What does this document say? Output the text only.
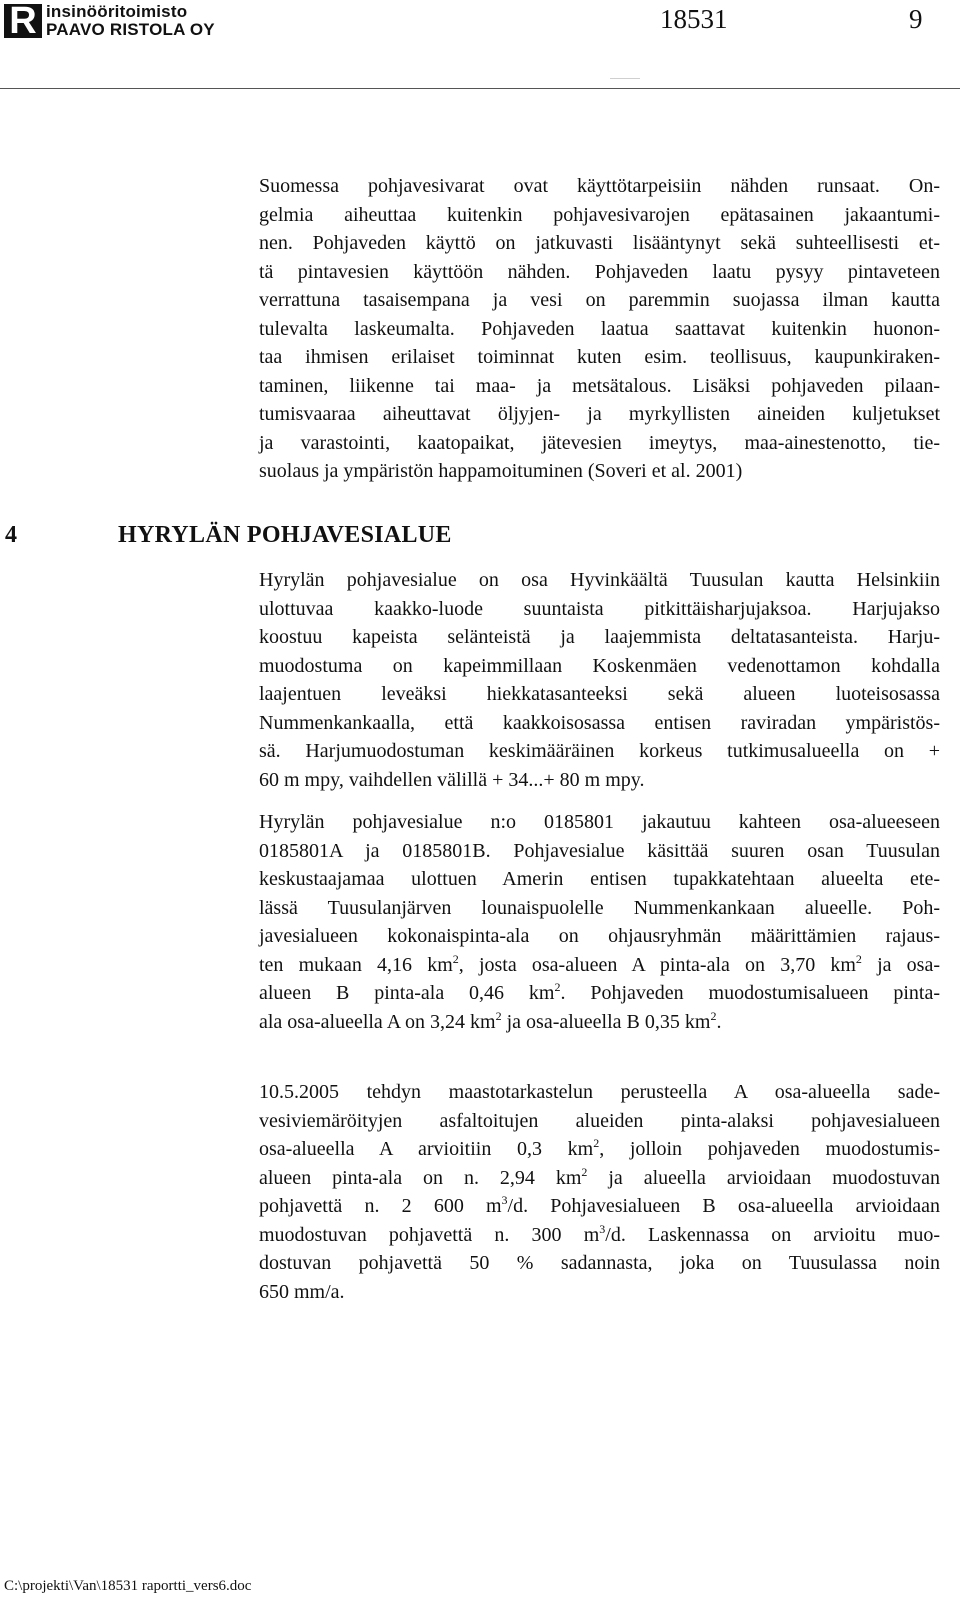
R insinööritoimisto
PAAVO RISTOLA OY	18531	9
Suomessa pohjavesivarat ovat käyttötarpeisiin nähden runsaat. On-
gelmia aiheuttaa kuitenkin pohjavesivarojen epätasainen jakaantumi-
nen. Pohjaveden käyttö on jatkuvasti lisääntynyt sekä suhteellisesti et-
tä pintavesien käyttöön nähden. Pohjaveden laatu pysyy pintaveteen
verrattuna tasaisempana ja vesi on paremmin suojassa ilman kautta
tulevalta laskeumalta. Pohjaveden laatua saattavat kuitenkin huonon-
taa ihmisen erilaiset toiminnat kuten esim. teollisuus, kaupunkiraken-
taminen, liikenne tai maa- ja metsätalous. Lisäksi pohjaveden pilaan-
tumisvaaraa aiheuttavat öljyjen- ja myrkyllisten aineiden kuljetukset
ja varastointi, kaatopaikat, jätevesien imeytys, maa-ainestenotto, tie-
suolaus ja ympäristön happamoituminen (Soveri et al. 2001)
4	HYRYLÄN POHJAVESIALUE
Hyrylän pohjavesialue on osa Hyvinkäältä Tuusulan kautta Helsinkiin
ulottuvaa kaakko-luode suuntaista pitkittäisharjujaksoa. Harjujakso
koostuu kapeista selänteistä ja laajemmista deltatasanteista. Harju-
muodostuma on kapeimmillaan Koskenmäen vedenottamon kohdalla
laajentuen leveäksi hiekkatasanteeksi sekä alueen luoteisosassa
Nummenkankaalla, että kaakkoisosassa entisen raviradan ympäristös-
sä. Harjumuodostuman keskimääräinen korkeus tutkimusalueella on +
60 m mpy, vaihdellen välillä + 34...+ 80 m mpy.
Hyrylän pohjavesialue n:o 0185801 jakautuu kahteen osa-alueeseen
0185801A ja 0185801B. Pohjavesialue käsittää suuren osan Tuusulan
keskustaajamaa ulottuen Amerin entisen tupakkatehtaan alueelta ete-
lässä Tuusulanjärven lounaispuolelle Nummenkankaan alueelle. Poh-
javesialueen kokonaispinta-ala on ohjausryhmän määrittämien rajaus-
ten mukaan 4,16 $km^2$, josta osa-alueen A pinta-ala on 3,70 $km^2$ ja osa-
alueen B pinta-ala 0,46 $km^2$. Pohjaveden muodostumisalueen pinta-
ala osa-alueella A on 3,24 $km^2$ ja osa-alueella B 0,35 $km^2$.
10.5.2005 tehdyn maastotarkastelun perusteella A osa-alueella sade-
vesiviemäröityjen asfaltoitujen alueiden pinta-alaksi pohjavesialueen
osa-alueella A arvioitiin 0,3 $km^2$, jolloin pohjaveden muodostumis-
alueen pinta-ala on n. 2,94 $km^2$ ja alueella arvioidaan muodostuvan
pohjavettä n. 2 600 $m^3/d$. Pohjavesialueen B osa-alueella arvioidaan
muodostuvan pohjavettä n. 300 $m^3/d$. Laskennassa on arvioitu muo-
dostuvan pohjavettä 50 % sadannasta, joka on Tuusulassa noin
650 mm/a.
C:\projekti\Van\18531 raportti_vers6.doc
